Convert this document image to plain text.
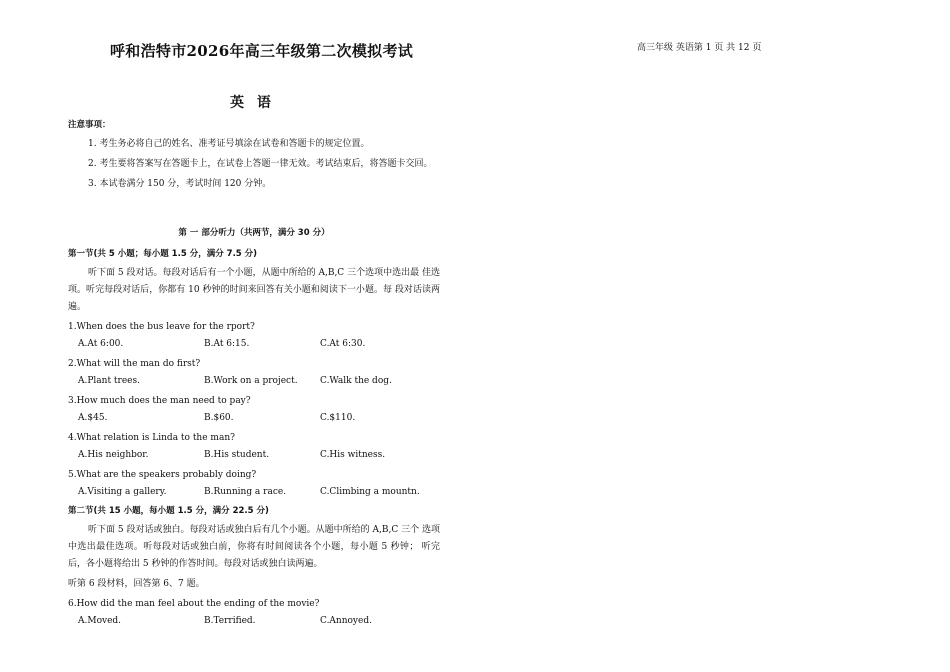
呼和浩特市2026年高三年级第二次模拟考试	高三年级 英语第 1 页 共 12 页
英 语
注意事项：
1. 考生务必将自己的姓名、准考证号填涂在试卷和答题卡的规定位置。
2. 考生要将答案写在答题卡上，在试卷上答题一律无效。考试结束后，将答题卡交回。
3. 本试卷满分 150 分，考试时间 120 分钟。
第 一 部分听力（共两节，满分 30 分）
第一节(共 5 小题；每小题 1.5 分，满分 7.5 分)
听下面 5 段对话。每段对话后有一个小题，从题中所给的 A,B,C 三个选项中选出最 佳选项。听完每段对话后，你都有 10 秒钟的时间来回答有关小题和阅读下一小题。每 段对话读两遍。
1.When does the bus leave for the rport?
A.At 6:00.	B.At 6:15.	C.At 6:30.
2.What will the man do first?
A.Plant trees.	B.Work on a project.	C.Walk the dog.
3.How much does the man need to pay?
A.$45.	B.$60.	C.$110.
4.What relation is Linda to the man?
A.His neighbor.	B.His student.	C.His witness.
5.What are the speakers probably doing?
A.Visiting a gallery.	B.Running a race.	C.Climbing a mountn.
第二节(共 15 小题，每小题 1.5 分，满分 22.5 分)
听下面 5 段对话或独白。每段对话或独白后有几个小题。从题中所给的 A,B,C 三个 选项中选出最佳选项。听每段对话或独白前，你将有时间阅读各个小题，每小题 5 秒钟； 听完后，各小题将给出 5 秒钟的作答时间。每段对话或独白读两遍。
听第 6 段材料，回答第 6、7 题。
6.How did the man feel about the ending of the movie?
A.Moved.	B.Terrified.	C.Annoyed.
